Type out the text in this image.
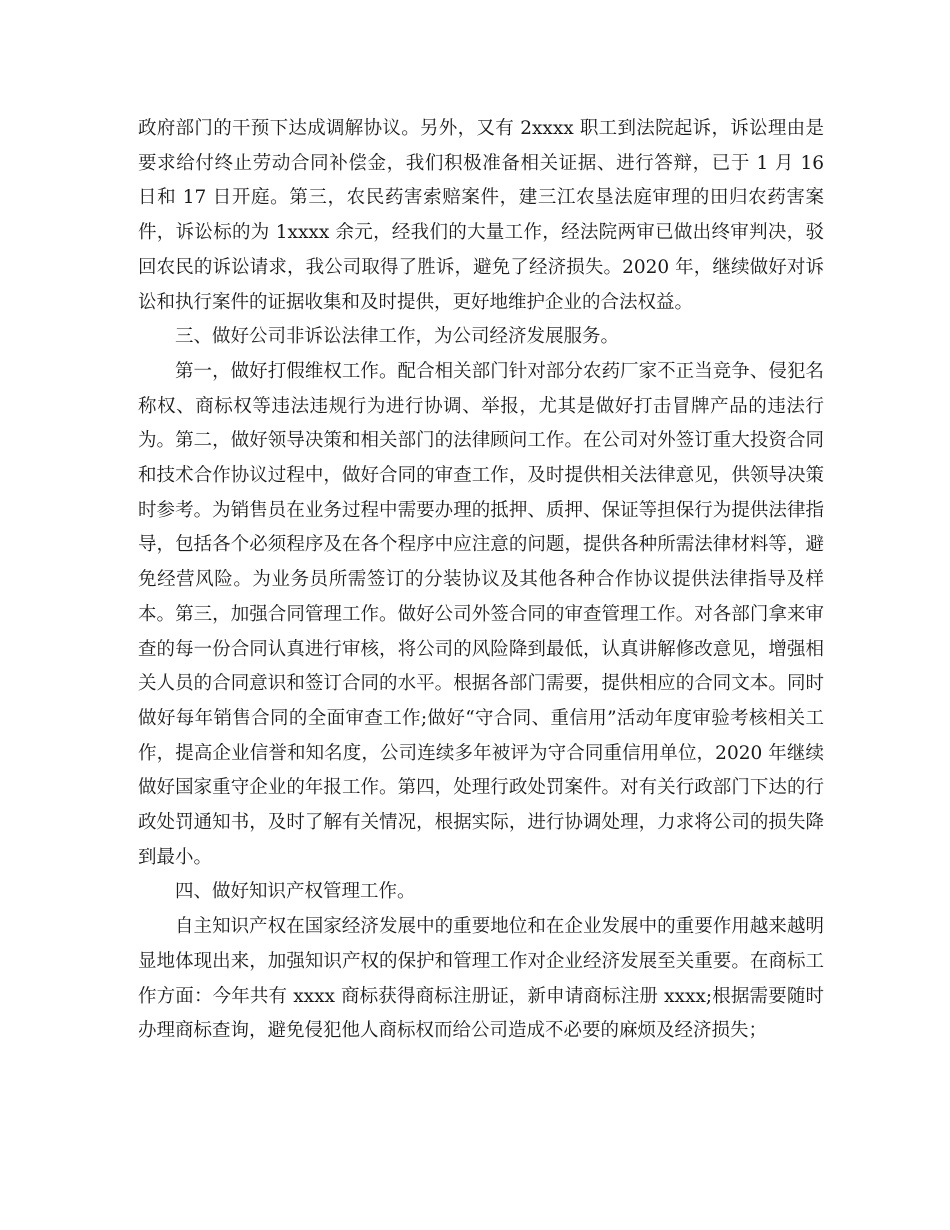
政府部门的干预下达成调解协议。另外，又有 2xxxx 职工到法院起诉，诉讼理由是要求给付终止劳动合同补偿金，我们积极准备相关证据、进行答辩，已于 1 月 16 日和 17 日开庭。第三，农民药害索赔案件，建三江农垦法庭审理的田归农药害案件，诉讼标的为 1xxxx 余元，经我们的大量工作，经法院两审已做出终审判决，驳回农民的诉讼请求，我公司取得了胜诉，避免了经济损失。2020 年，继续做好对诉讼和执行案件的证据收集和及时提供，更好地维护企业的合法权益。

三、做好公司非诉讼法律工作，为公司经济发展服务。

第一，做好打假维权工作。配合相关部门针对部分农药厂家不正当竞争、侵犯名称权、商标权等违法违规行为进行协调、举报，尤其是做好打击冒牌产品的违法行为。第二，做好领导决策和相关部门的法律顾问工作。在公司对外签订重大投资合同和技术合作协议过程中，做好合同的审查工作，及时提供相关法律意见，供领导决策时参考。为销售员在业务过程中需要办理的抵押、质押、保证等担保行为提供法律指导，包括各个必须程序及在各个程序中应注意的问题，提供各种所需法律材料等，避免经营风险。为业务员所需签订的分装协议及其他各种合作协议提供法律指导及样本。第三，加强合同管理工作。做好公司外签合同的审查管理工作。对各部门拿来审查的每一份合同认真进行审核，将公司的风险降到最低，认真讲解修改意见，增强相关人员的合同意识和签订合同的水平。根据各部门需要，提供相应的合同文本。同时做好每年销售合同的全面审查工作;做好“守合同、重信用”活动年度审验考核相关工作，提高企业信誉和知名度，公司连续多年被评为守合同重信用单位，2020 年继续做好国家重守企业的年报工作。第四，处理行政处罚案件。对有关行政部门下达的行政处罚通知书，及时了解有关情况，根据实际，进行协调处理，力求将公司的损失降到最小。

四、做好知识产权管理工作。

自主知识产权在国家经济发展中的重要地位和在企业发展中的重要作用越来越明显地体现出来，加强知识产权的保护和管理工作对企业经济发展至关重要。在商标工作方面：今年共有 xxxx 商标获得商标注册证，新申请商标注册 xxxx;根据需要随时办理商标查询，避免侵犯他人商标权而给公司造成不必要的麻烦及经济损失；
